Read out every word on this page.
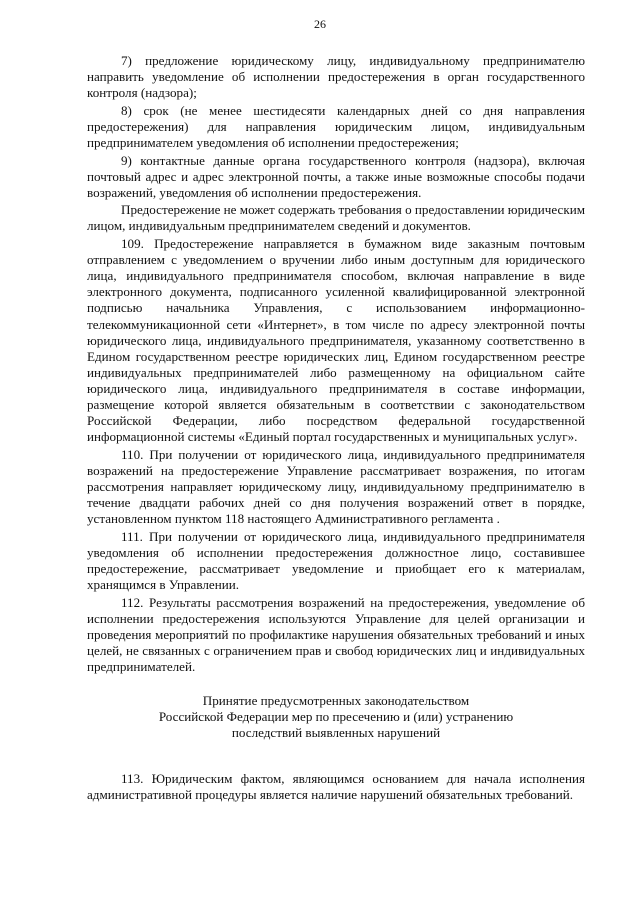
26

7) предложение юридическому лицу, индивидуальному предпринимателю направить уведомление об исполнении предостережения в орган государственного контроля (надзора);

8) срок (не менее шестидесяти календарных дней со дня направления предостережения) для направления юридическим лицом, индивидуальным предпринимателем уведомления об исполнении предостережения;

9) контактные данные органа государственного контроля (надзора), включая почтовый адрес и адрес электронной почты, а также иные возможные способы подачи возражений, уведомления об исполнении предостережения.

Предостережение не может содержать требования о предоставлении юридическим лицом, индивидуальным предпринимателем сведений и документов.

109. Предостережение направляется в бумажном виде заказным почтовым отправлением с уведомлением о вручении либо иным доступным для юридического лица, индивидуального предпринимателя способом, включая направление в виде электронного документа, подписанного усиленной квалифицированной электронной подписью начальника Управления, с использованием информационно-телекоммуникационной сети «Интернет», в том числе по адресу электронной почты юридического лица, индивидуального предпринимателя, указанному соответственно в Едином государственном реестре юридических лиц, Едином государственном реестре индивидуальных предпринимателей либо размещенному на официальном сайте юридического лица, индивидуального предпринимателя в составе информации, размещение которой является обязательным в соответствии с законодательством Российской Федерации, либо посредством федеральной государственной информационной системы «Единый портал государственных и муниципальных услуг».

110. При получении от юридического лица, индивидуального предпринимателя возражений на предостережение Управление рассматривает возражения, по итогам рассмотрения направляет юридическому лицу, индивидуальному предпринимателю в течение двадцати рабочих дней со дня получения возражений ответ в порядке, установленном пунктом 118 настоящего Административного регламента .

111. При получении от юридического лица, индивидуального предпринимателя уведомления об исполнении предостережения должностное лицо, составившее предостережение, рассматривает уведомление и приобщает его к материалам, хранящимся в Управлении.

112. Результаты рассмотрения возражений на предостережения, уведомление об исполнении предостережения используются Управление для целей организации и проведения мероприятий по профилактике нарушения обязательных требований и иных целей, не связанных с ограничением прав и свобод юридических лиц и индивидуальных предпринимателей.

Принятие предусмотренных законодательством
Российской Федерации мер по пресечению и (или) устранению
последствий выявленных нарушений

113. Юридическим фактом, являющимся основанием для начала исполнения административной процедуры является наличие нарушений обязательных требований.
